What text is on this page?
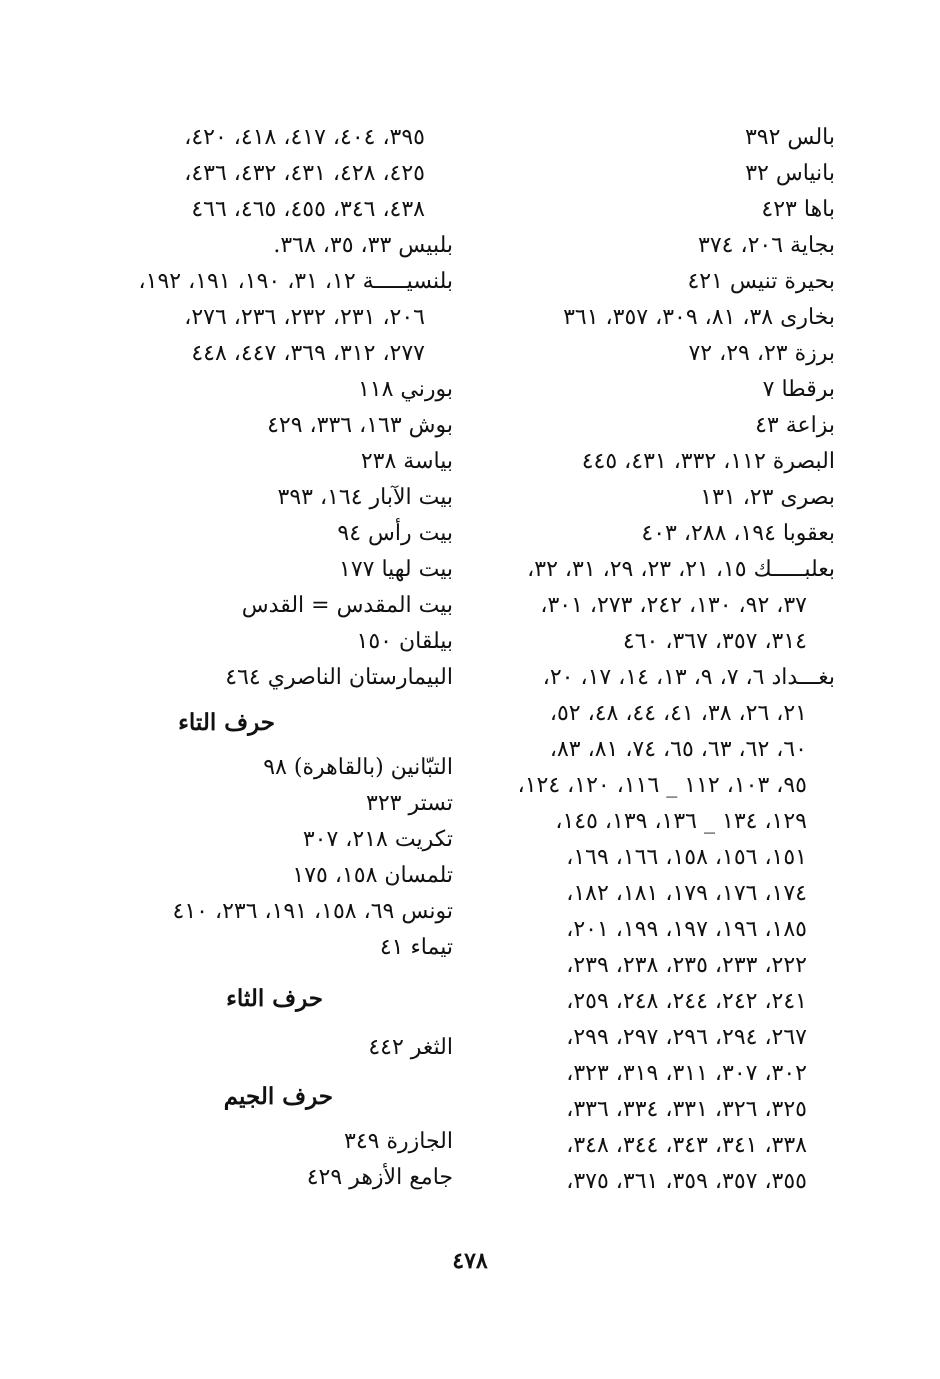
بالس ٣٩٢
بانياس ٣٢
باها ٤٢٣
بجاية ٢٠٦، ٣٧٤
بحيرة تنيس ٤٢١
بخارى ٣٨، ٨١، ٣٠٩، ٣٥٧، ٣٦١
برزة ٢٣، ٢٩، ٧٢
برقطا ٧
بزاعة ٤٣
البصرة ١١٢، ٣٣٢، ٤٣١، ٤٤٥
بصرى ٢٣، ١٣١
بعقوبا ١٩٤، ٢٨٨، ٤٠٣
بعلبـــــك ١٥، ٢١، ٢٣، ٢٩، ٣١، ٣٢،
٣٧، ٩٢، ١٣٠، ٢٤٢، ٢٧٣، ٣٠١،
٣١٤، ٣٥٧، ٣٦٧، ٤٦٠
بغـــداد ٦، ٧، ٩، ١٣، ١٤، ١٧، ٢٠،
٢١، ٢٦، ٣٨، ٤١، ٤٤، ٤٨، ٥٢،
٦٠، ٦٢، ٦٣، ٦٥، ٧٤، ٨١، ٨٣،
٩٥، ١٠٣، ١١٢ _ ١١٦، ١٢٠، ١٢٤،
١٢٩، ١٣٤ _ ١٣٦، ١٣٩، ١٤٥،
١٥١، ١٥٦، ١٥٨، ١٦٦، ١٦٩،
١٧٤، ١٧٦، ١٧٩، ١٨١، ١٨٢،
١٨٥، ١٩٦، ١٩٧، ١٩٩، ٢٠١،
٢٢٢، ٢٣٣، ٢٣٥، ٢٣٨، ٢٣٩،
٢٤١، ٢٤٢، ٢٤٤، ٢٤٨، ٢٥٩،
٢٦٧، ٢٩٤، ٢٩٦، ٢٩٧، ٢٩٩،
٣٠٢، ٣٠٧، ٣١١، ٣١٩، ٣٢٣،
٣٢٥، ٣٢٦، ٣٣١، ٣٣٤، ٣٣٦،
٣٣٨، ٣٤١، ٣٤٣، ٣٤٤، ٣٤٨،
٣٥٥، ٣٥٧، ٣٥٩، ٣٦١، ٣٧٥،
٣٩٥، ٤٠٤، ٤١٧، ٤١٨، ٤٢٠،
٤٢٥، ٤٢٨، ٤٣١، ٤٣٢، ٤٣٦،
٤٣٨، ٣٤٦، ٤٥٥، ٤٦٥، ٤٦٦
بلبيس ٣٣، ٣٥، ٣٦٨.
بلنسيـــــة ١٢، ٣١، ١٩٠، ١٩١، ١٩٢،
٢٠٦، ٢٣١، ٢٣٢، ٢٣٦، ٢٧٦،
٢٧٧، ٣١٢، ٣٦٩، ٤٤٧، ٤٤٨
بورني ١١٨
بوش ١٦٣، ٣٣٦، ٤٢٩
بياسة ٢٣٨
بيت الآبار ١٦٤، ٣٩٣
بيت رأس ٩٤
بيت لهيا ١٧٧
بيت المقدس = القدس
بيلقان ١٥٠
البيمارستان الناصري ٤٦٤
حرف التاء
التبّانين (بالقاهرة) ٩٨
تستر ٣٢٣
تكريت ٢١٨، ٣٠٧
تلمسان ١٥٨، ١٧٥
تونس ٦٩، ١٥٨، ١٩١، ٢٣٦، ٤١٠
تيماء ٤١
حرف الثاء
الثغر ٤٤٢
حرف الجيم
الجازرة ٣٤٩
جامع الأزهر ٤٢٩
٤٧٨
